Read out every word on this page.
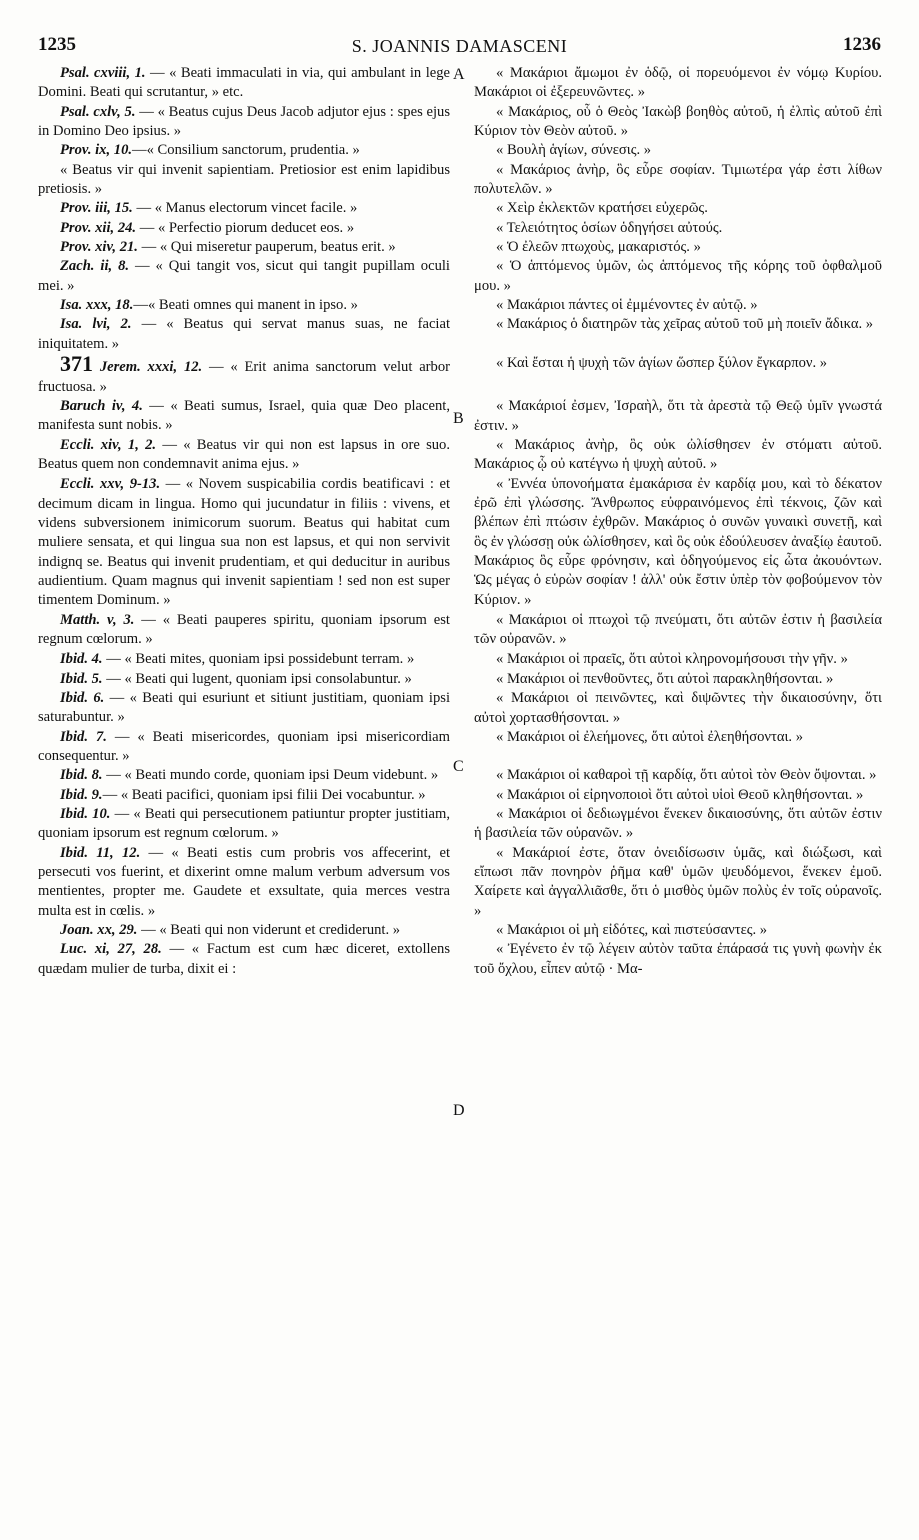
1235	S. JOANNIS DAMASCENI	1236
A
B
C
D

Psal. cxviii, 1. — « Beati immaculati in via, qui ambulant in lege Domini. Beati qui scrutantur, » etc.

Psal. cxlv, 5. — « Beatus cujus Deus Jacob adjutor ejus : spes ejus in Domino Deo ipsius. »

Prov. ix, 10.—« Consilium sanctorum, prudentia. »

« Beatus vir qui invenit sapientiam. Pretiosior est enim lapidibus pretiosis. »

Prov. iii, 15. — « Manus electorum vincet facile. »

Prov. xii, 24. — « Perfectio piorum deducet eos. »

Prov. xiv, 21. — « Qui miseretur pauperum, beatus erit. »

Zach. ii, 8. — « Qui tangit vos, sicut qui tangit pupillam oculi mei. »

Isa. xxx, 18.—« Beati omnes qui manent in ipso. »

Isa. lvi, 2. — « Beatus qui servat manus suas, ne faciat iniquitatem. »

371 Jerem. xxxi, 12. — « Erit anima sanctorum velut arbor fructuosa. »

Baruch iv, 4. — « Beati sumus, Israel, quia quæ Deo placent, manifesta sunt nobis. »

Eccli. xiv, 1, 2. — « Beatus vir qui non est lapsus in ore suo. Beatus quem non condemnavit anima ejus. »

Eccli. xxv, 9-13. — « Novem suspicabilia cordis beatificavi : et decimum dicam in lingua. Homo qui jucundatur in filiis : vivens, et videns subversionem inimicorum suorum. Beatus qui habitat cum muliere sensata, et qui lingua sua non est lapsus, et qui non servivit indignq se. Beatus qui invenit prudentiam, et qui deducitur in auribus audientium. Quam magnus qui invenit sapientiam ! sed non est super timentem Dominum. »

Matth. v, 3. — « Beati pauperes spiritu, quoniam ipsorum est regnum cœlorum. »

Ibid. 4. — « Beati mites, quoniam ipsi possidebunt terram. »

Ibid. 5. — « Beati qui lugent, quoniam ipsi consolabuntur. »

Ibid. 6. — « Beati qui esuriunt et sitiunt justitiam, quoniam ipsi saturabuntur. »

Ibid. 7. — « Beati misericordes, quoniam ipsi misericordiam consequentur. »

Ibid. 8. — « Beati mundo corde, quoniam ipsi Deum videbunt. »

Ibid. 9.— « Beati pacifici, quoniam ipsi filii Dei vocabuntur. »

Ibid. 10. — « Beati qui persecutionem patiuntur propter justitiam, quoniam ipsorum est regnum cœlorum. »

Ibid. 11, 12. — « Beati estis cum probris vos affecerint, et persecuti vos fuerint, et dixerint omne malum verbum adversum vos mentientes, propter me. Gaudete et exsultate, quia merces vestra multa est in cœlis. »

Joan. xx, 29. — « Beati qui non viderunt et crediderunt. »

Luc. xi, 27, 28. — « Factum est cum hæc diceret, extollens quædam mulier de turba, dixit ei :

« Μακάριοι ἄμωμοι ἐν ὁδῷ, οἱ πορευόμενοι ἐν νόμῳ Κυρίου. Μακάριοι οἱ ἐξερευνῶντες. »

« Μακάριος, οὗ ὁ Θεὸς Ἰακὼβ βοηθὸς αὐτοῦ, ἡ ἐλπὶς αὐτοῦ ἐπὶ Κύριον τὸν Θεὸν αὐτοῦ. »

« Βουλὴ ἁγίων, σύνεσις. »

« Μακάριος ἀνὴρ, ὃς εὗρε σοφίαν. Τιμιωτέρα γάρ ἐστι λίθων πολυτελῶν. »

« Χεὶρ ἐκλεκτῶν κρατήσει εὐχερῶς.

« Τελειότητος ὁσίων ὁδηγήσει αὐτούς.

« Ὁ ἐλεῶν πτωχοὺς, μακαριστός. »

« Ὁ ἁπτόμενος ὑμῶν, ὡς ἁπτόμενος τῆς κόρης τοῦ ὀφθαλμοῦ μου. »

« Μακάριοι πάντες οἱ ἐμμένοντες ἐν αὐτῷ. »

« Μακάριος ὁ διατηρῶν τὰς χεῖρας αὐτοῦ τοῦ μὴ ποιεῖν ἄδικα. »

« Καὶ ἔσται ἡ ψυχὴ τῶν ἁγίων ὥσπερ ξύλον ἔγκαρπον. »

« Μακάριοί ἐσμεν, Ἰσραὴλ, ὅτι τὰ ἀρεστὰ τῷ Θεῷ ὑμῖν γνωστά ἐστιν. »

« Μακάριος ἀνὴρ, ὃς οὐκ ὠλίσθησεν ἐν στόματι αὐτοῦ. Μακάριος ᾧ οὐ κατέγνω ἡ ψυχὴ αὐτοῦ. »

« Ἐννέα ὑπονοήματα ἐμακάρισα ἐν καρδίᾳ μου, καὶ τὸ δέκατον ἐρῶ ἐπὶ γλώσσης. Ἄνθρωπος εὐφραινόμενος ἐπὶ τέκνοις, ζῶν καὶ βλέπων ἐπὶ πτώσιν ἐχθρῶν. Μακάριος ὁ συνῶν γυναικὶ συνετῇ, καὶ ὃς ἐν γλώσσῃ οὐκ ὠλίσθησεν, καὶ ὃς οὐκ ἐδούλευσεν ἀναξίῳ ἑαυτοῦ. Μακάριος ὃς εὗρε φρόνησιν, καὶ ὁδηγούμενος εἰς ὦτα ἀκουόντων. Ὡς μέγας ὁ εὑρὼν σοφίαν ! ἀλλ' οὐκ ἔστιν ὑπὲρ τὸν φοβούμενον τὸν Κύριον. »

« Μακάριοι οἱ πτωχοὶ τῷ πνεύματι, ὅτι αὐτῶν ἐστιν ἡ βασιλεία τῶν οὐρανῶν. »

« Μακάριοι οἱ πραεῖς, ὅτι αὐτοὶ κληρονομήσουσι τὴν γῆν. »

« Μακάριοι οἱ πενθοῦντες, ὅτι αὐτοὶ παρακληθήσονται. »

« Μακάριοι οἱ πεινῶντες, καὶ διψῶντες τὴν δικαιοσύνην, ὅτι αὐτοὶ χορτασθήσονται. »

« Μακάριοι οἱ ἐλεήμονες, ὅτι αὐτοὶ ἐλεηθήσονται. »

« Μακάριοι οἱ καθαροὶ τῇ καρδίᾳ, ὅτι αὐτοὶ τὸν Θεὸν ὄψονται. »

« Μακάριοι οἱ εἰρηνοποιοὶ ὅτι αὐτοὶ υἱοὶ Θεοῦ κληθήσονται. »

« Μακάριοι οἱ δεδιωγμένοι ἕνεκεν δικαιοσύνης, ὅτι αὐτῶν ἐστιν ἡ βασιλεία τῶν οὐρανῶν. »

« Μακάριοί ἐστε, ὅταν ὀνειδίσωσιν ὑμᾶς, καὶ διώξωσι, καὶ εἴπωσι πᾶν πονηρὸν ῥῆμα καθ' ὑμῶν ψευδόμενοι, ἕνεκεν ἐμοῦ. Χαίρετε καὶ ἀγγαλλιᾶσθε, ὅτι ὁ μισθὸς ὑμῶν πολὺς ἐν τοῖς οὐρανοῖς. »

« Μακάριοι οἱ μὴ εἰδότες, καὶ πιστεύσαντες. »

« Ἐγένετο ἐν τῷ λέγειν αὐτὸν ταῦτα ἐπάρασά τις γυνὴ φωνὴν ἐκ τοῦ ὄχλου, εἶπεν αὐτῷ · Μα-
